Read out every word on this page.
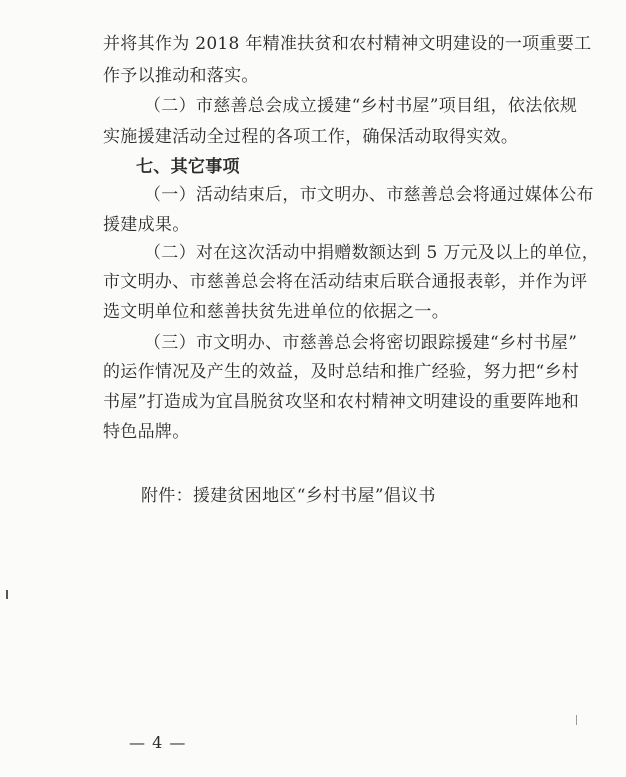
并将其作为 2018 年精准扶贫和农村精神文明建设的一项重要工
作予以推动和落实。
（二）市慈善总会成立援建“乡村书屋”项目组，依法依规
实施援建活动全过程的各项工作，确保活动取得实效。
七、其它事项
（一）活动结束后，市文明办、市慈善总会将通过媒体公布
援建成果。
（二）对在这次活动中捐赠数额达到 5 万元及以上的单位，
市文明办、市慈善总会将在活动结束后联合通报表彰，并作为评
选文明单位和慈善扶贫先进单位的依据之一。
（三）市文明办、市慈善总会将密切跟踪援建“乡村书屋”
的运作情况及产生的效益，及时总结和推广经验，努力把“乡村
书屋”打造成为宜昌脱贫攻坚和农村精神文明建设的重要阵地和
特色品牌。
附件：援建贫困地区“乡村书屋”倡议书
— 4 —
